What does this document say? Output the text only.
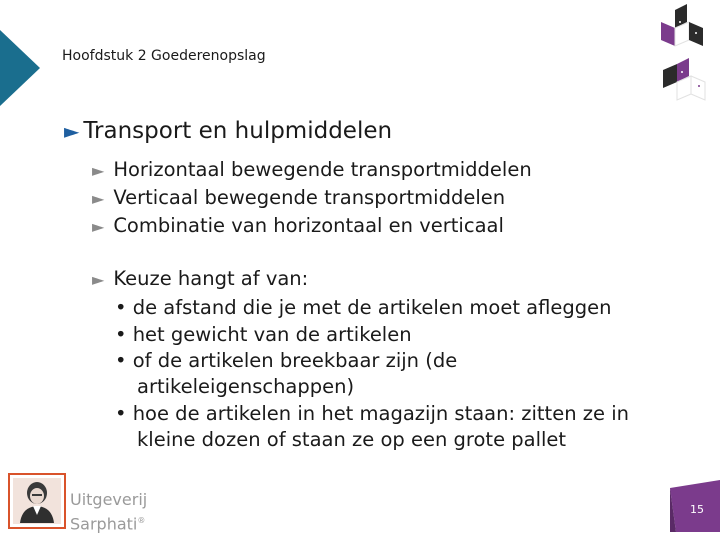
Hoofdstuk 2 Goederenopslag
► Transport en hulpmiddelen
► Horizontaal bewegende transportmiddelen
► Verticaal bewegende transportmiddelen
► Combinatie van horizontaal en verticaal
► Keuze hangt af van:
• de afstand die je met de artikelen moet afleggen
• het gewicht van de artikelen
• of de artikelen breekbaar zijn (de
artikeleigenschappen)
• hoe de artikelen in het magazijn staan: zitten ze in
kleine dozen of staan ze op een grote pallet
Uitgeverij
Sarphati®
15
